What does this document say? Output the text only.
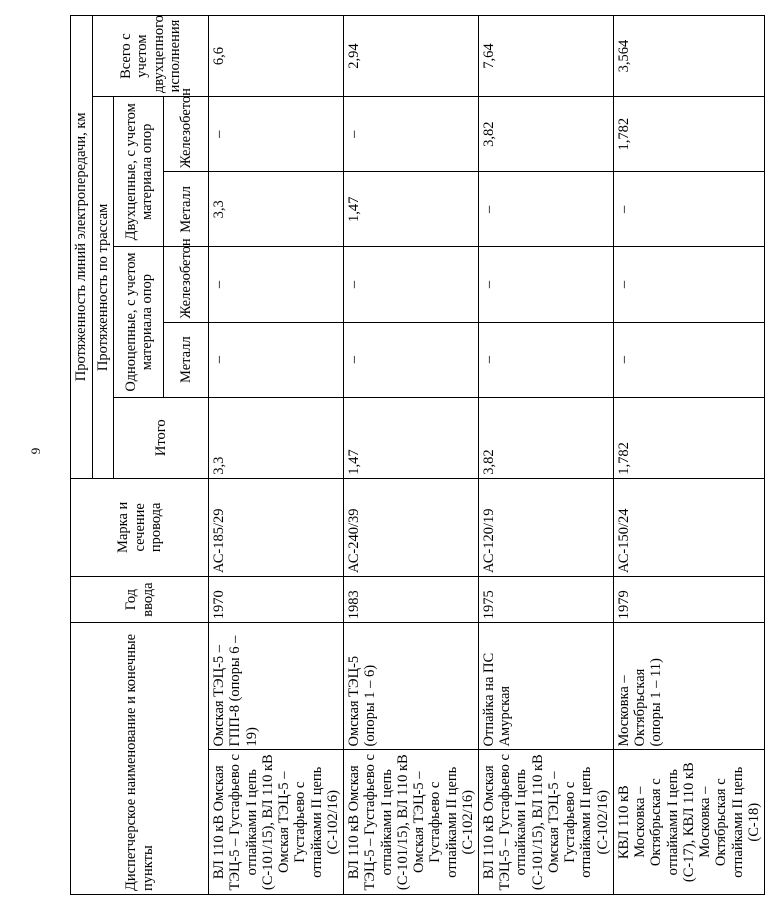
9
Диспетчерское наименование и конечные пункты		Год ввода	Марка и сечение провода	Протяженность линий электропередачи, км					
				Протяженность по трассам					Всего с учетом двухцепного исполнения
				Итого	Одноцепные, с учетом материала опор		Двухцепные, с учетом материала опор		
					Металл	Железобетон	Металл	Железобетон	
ВЛ 110 кВ Омская ТЭЦ-5 – Густафьево с отпайками I цепь (С-101/15), ВЛ 110 кВ Омская ТЭЦ-5 – Густафьево с отпайками II цепь (С-102/16)	Омская ТЭЦ-5 – ГПП-8 (опоры 6 – 19)	1970	АС-185/29	3,3	–	–	3,3	–	6,6
ВЛ 110 кВ Омская ТЭЦ-5 – Густафьево с отпайками I цепь (С-101/15), ВЛ 110 кВ Омская ТЭЦ-5 – Густафьево с отпайками II цепь (С-102/16)	Омская ТЭЦ-5 (опоры 1 – 6)	1983	АС-240/39	1,47	–	–	1,47	–	2,94
ВЛ 110 кВ Омская ТЭЦ-5 – Густафьево с отпайками I цепь (С-101/15), ВЛ 110 кВ Омская ТЭЦ-5 – Густафьево с отпайками II цепь (С-102/16)	Отпайка на ПС Амурская	1975	АС-120/19	3,82	–	–	–	3,82	7,64
КВЛ 110 кВ Московка – Октябрьская с отпайками I цепь (С-17), КВЛ 110 кВ Московка – Октябрьская с отпайками II цепь (С-18)	Московка – Октябрьская (опоры 1 – 11)	1979	АС-150/24	1,782	–	–	–	1,782	3,564
